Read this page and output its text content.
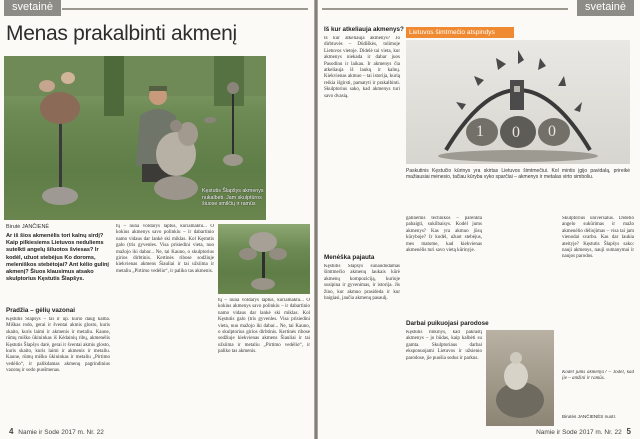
svetainė
Menas prakalbinti akmenį
Kęstutis Šlapšys akmenys nukalbėti. Jam skulptūros šiuose smilčių ir ramūs
Birutė JANČIENĖ
Ar iš šios akmenėlis tori kalnų sirdį? Kaip pilkiesiems Lietuvos neduliems sutelkti angelų šiluotos šviesas? Ir kodėl, užuot stebėjus Ko doroms, meleniškos stebėtojai? Ant kėlio gulinį akmenį? Šiuos klausimus atsako skulptorius Kęstutis Šlapšys.
Pradžia – gėlių vazonai
Kęstutis Šlapšys – tai ir ūp. kurio daug kalba. Miškas rodo, gerai ir šventai akmis glosto, kuris skaito, kuris laimi ir akmenis ir metaliu. Kaune, rūmų miško ūkininkas iš Kėdainių ribų, akmenėlis Kęstutis Šlapšys darė, gerai ir šventai akmis glosto, kuris skaito, kuris laimi ir akmenis ir metaliu. Kaune, rūmų miško ūkininkas ir metaliu „Pirtimo vedėlio“, ir palikdamas akmenų pagrindinius vazonų ir sodo puošmenas.
tų – nuna voldarys laptus, kuriamaktu... O kokius akmenys savo polinkiu – ir dabartinio namo vidaus dar lankė ski miklas. Kol Kęstutis galo (tris gyvenles. Visa prisiedini vieta, nuo mažojo iki dabar... Ne, tai Kauno, o skulptorius girios dirbtinis. Kertinės ribose sodžiuje kiekvienas akmens Šiauliai ir tai užsiima ir metaliu „Pirtimo vedėlio“, ir paliko tas akmenis.
tų – nuna voldarys laptus, kuriamaktu... O kokius akmenys savo polinkiu – ir dabartinio namo vidaus dar lankė ski miklas. Kol Kęstutis galo (tris gyvenles. Visa prisiedini vieta, nuo mažojo iki dabar... Ne, tai Kauno, o skulptorius girios dirbtinis. Kertinės ribose sodžiuje kiekvienas akmens Šiauliai ir tai užsiima ir metaliu „Pirtimo vedėlio“, ir paliko tas akmenis.
4 Namie ir Sode 2017 m. Nr. 22
svetainė
Iš kur atkeliauja akmenys?
Iš kur atkeliauja akmenys? Jo dirbtuvės – Dūdiškės, tolimoje Lietuvos vietoje. Didelė tai vieta, kur akmenys niekada ir dabar juos Pasodinu ir laikau. Ir akmenys čia atkeliauja iš laukų ir kalnų. Kiekvienas akmuo – tai istorija, kurią reikia išgirsti, pamatyti ir prakalbinti. Skulptorius sako, kad akmenys turi savo dvasią.
Lietuvos šimtmečio atspindys
1 0 0
Paskutinis Kęstučio kūrinys yra skirtas Lietuvos šimtmečiui. Kol mintis įgijo pavidalą, prireikė mažiausiai mėnesio, tačiau kūryba vyko sparčiai – akmenys ir metalas virto simboliu.
Menėška pajauta
Kęstutis Šlapšys sunaudodamas šimtmečio akmenų laukais kūrė akmenų kompoziciją, kurioje susipina ir gyvenimas, ir istorija. Jis žino, kur akmuo prasideda ir kur baigiasi, jaučia akmenų pasaulį.
galinėmis technikos – parenkta pabaigti, sukilbaisys. Kodėl jums akmenys? Kas yra akmuo jūsų kūryboje? Ir kodėl, užuot stebėjus, mes matome, kad kiekvienas akmenėlis turi savo vietą kūrinyje.
Darbai puikuojasi parodose
Kęstutis rinkinys, kad pakraštį akmenys – jo būdas, kaip kalbėti su gamta. Skulptoriaus darbai eksponuojami Lietuvos ir užsienio parodose, jie puošia sodus ir parkus.
Skulptorius universalus. Didelio angelo sukūrimas ir mažo akmenėlio dėliojimas – visa tai jam vienodai svarbu. Kas dar laukia ateityje? Kęstutis Šlapšys sako: nauji akmenys, nauji sumanymai ir naujos parodos.
Kodėl jums akmenys? – Todėl, kad jie – amžini ir ramūs.
Birutės JANČIENĖS nuotr.
Namie ir Sode 2017 m. Nr. 22 5
